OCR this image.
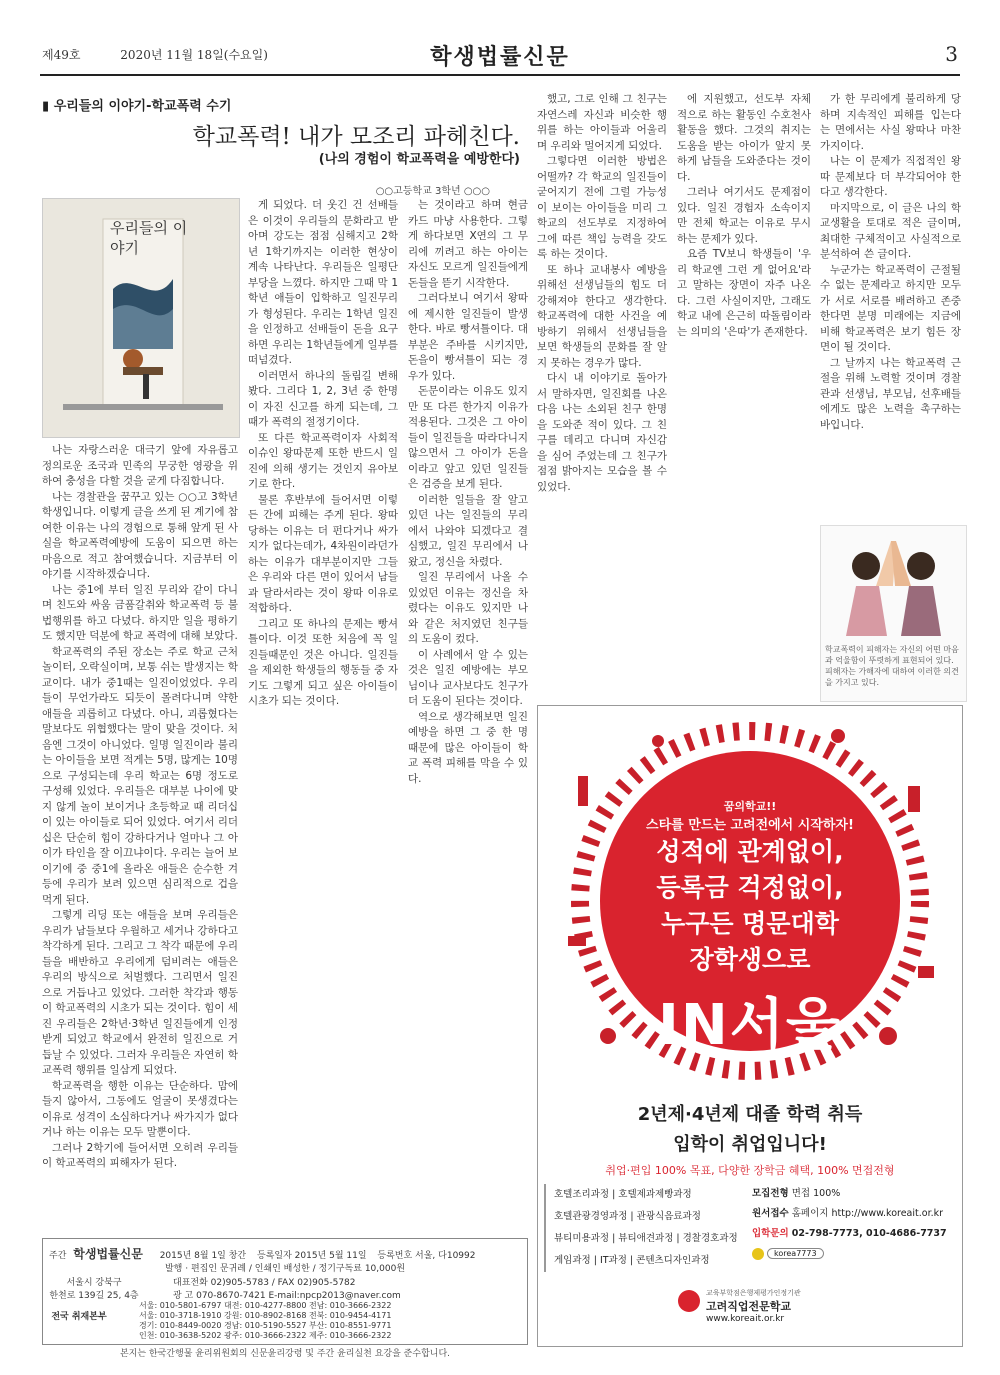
제49호	2020년 11월 18일(수요일)	학생법률신문	3
▮ 우리들의 이야기-학교폭력 수기
학교폭력! 내가 모조리 파헤친다.
(나의 경험이 학교폭력을 예방한다)
○○고등학교 3학년 ○○○
우리들의 이야기

나는 자랑스러운 대극기 앞에 자유롭고 정의로운 조국과 민족의 무궁한 영광을 위하여 충성을 다할 것을 굳게 다짐합니다.

나는 경찰관을 꿈꾸고 있는 ○○고 3학년 학생입니다. 이렇게 글을 쓰게 된 계기에 참여한 이유는 나의 경험으로 통해 앞게 된 사실을 학교폭력예방에 도움이 되으면 하는 마음으로 적고 참여했습니다. 지금부터 이야기를 시작하겠습니다.

나는 중1에 부터 일진 무리와 같이 다니며 친도와 싸움 금품갈취와 학교폭력 등 불법행위를 하고 다녔다. 하지만 일을 평하기도 했지만 덕분에 학교 폭력에 대해 보았다.

학교폭력의 주된 장소는 주로 학교 근처 놀이터, 오락실이며, 보통 쉬는 발생지는 학교이다. 내가 중1때는 일진이었었다. 우리들이 무언가라도 되듯이 몰려다니며 약한 애들을 괴롭히고 다녔다. 아니, 괴롭혔다는 말보다도 위협했다는 말이 맞을 것이다. 처음엔 그것이 아니었다. 일명 일진이라 불리는 아이들을 보면 적게는 5명, 많게는 10명으로 구성되는데 우리 학교는 6명 정도로 구성해 있었다. 우리들은 대부분 나이에 맞지 않게 놀이 보이거나 초등학교 때 리더십이 있는 아이들로 되어 있었다. 여기서 리더십은 단순히 힘이 강하다거나 얼마나 그 아이가 타인을 잘 이끄냐이다. 우리는 늘어 보이기에 중 중1에 올라온 애들은 순수한 겨등에 우리가 보려 있으면 심리적으로 겁을 먹게 된다.

그렇게 리딩 또는 애들을 보며 우리들은 우리가 남들보다 우월하고 세거나 강하다고 착각하게 된다. 그리고 그 착각 때문에 우리들을 배반하고 우리에게 덤비려는 애들은 우리의 방식으로 처벌했다. 그리면서 일진으로 거듭나고 있었다. 그러한 착각과 행동이 학교폭력의 시초가 되는 것이다. 힘이 세진 우리들은 2학년·3학년 일진들에게 인정받게 되었고 학교에서 완전히 일진으로 거듭날 수 있었다. 그러자 우리들은 자연히 학교폭력 행위를 일삼게 되었다.

학교폭력을 행한 이유는 단순하다. 맘에 들지 않아서, 그동에도 얼굴이 못생겼다는 이유로 성격이 소심하다거나 싸가지가 없다거나 하는 이유는 모두 말뿐이다.

그러나 2학기에 들어서면 오히려 우리들이 학교폭력의 피해자가 된다.

게 되었다. 더 웃긴 건 선배들은 이것이 우리들의 문화라고 받아며 강도는 점점 심해지고 2학년 1학기까지는 이러한 현상이 계속 나타난다. 우리들은 일평단 부당을 느꼈다. 하지만 그때 막 1학년 애들이 입학하고 일진무리가 형성된다. 우리는 1학년 일진을 인정하고 선배들이 돈을 요구하면 우리는 1학년들에게 일부를 떠넘겼다.

이러면서 하나의 돌림길 변해봤다. 그리다 1, 2, 3년 중 한명이 자진 신고를 하게 되는데, 그 때가 폭력의 절정기이다.

또 다른 학교폭력이자 사회적 이슈인 왕따문제 또한 반드시 일진에 의해 생기는 것인지 유아보기로 한다.

물론 후반부에 들어서면 이렇든 간에 피해는 주게 된다. 왕따 당하는 이유는 더 펀다거나 싸가지가 없다는데가, 4차원이라던가 하는 이유가 대부분이지만 그들은 우리와 다른 면이 있어서 남들과 달라서라는 것이 왕따 이유로 적합하다.

그리고 또 하나의 문제는 빵셔틀이다. 이것 또한 처음에 꼭 일진들때문인 것은 아니다. 일진들을 제외한 학생들의 행동들 중 자기도 그렇게 되고 싶은 아이들이 시초가 되는 것이다.

는 것이라고 하며 현금카드 마냥 사용한다. 그렇게 하다보면 X연의 그 무리에 끼려고 하는 아이는 자신도 모르게 일진들에게 돈들을 뜯기 시작한다.

그러다보니 여기서 왕따에 제시한 일진들이 발생한다. 바로 빵셔틀이다. 대부분은 주바를 시키지만, 돈을이 빵셔틀이 되는 경우가 있다.

돈문이라는 이유도 있지만 또 다른 한가지 이유가 적용된다. 그것은 그 아이들이 일진들을 따라다니지 않으면서 그 아이가 돈을이라고 앞고 있던 일진들은 검증을 보게 된다.

이러한 일들을 잘 알고 있던 나는 일진들의 무리에서 나와야 되겠다고 결심했고, 일진 무리에서 나왔고, 정신을 차렸다.

일진 무리에서 나올 수 있었던 이유는 정신을 차렸다는 이유도 있지만 나와 같은 처지였던 친구들의 도움이 컸다.

이 사례에서 알 수 있는 것은 일진 예방에는 부모님이나 교사보다도 친구가 더 도움이 된다는 것이다.

역으로 생각해보면 일진 예방을 하면 그 중 한 명 때문에 많은 아이들이 학교 폭력 피해를 막을 수 있다.

했고, 그로 인해 그 친구는 자연스레 자신과 비슷한 행위를 하는 아이들과 어울리며 우리와 멀어지게 되었다.

그렇다면 이러한 방법은 어떨까? 각 학교의 일진들이 굳어지기 전에 그럴 가능성이 보이는 아이들을 미리 그 학교의 선도부로 지정하여 그에 따른 책임 능력을 갖도록 하는 것이다.

또 하나 교내봉사 예방을 위해선 선생님들의 힘도 더 강해져야 한다고 생각한다. 학교폭력에 대한 사건을 예방하기 위해서 선생님들을 보면 학생들의 문화를 잘 알지 못하는 경우가 많다.

다시 내 이야기로 돌아가서 말하자면, 일진회를 나온 다음 나는 소외된 친구 한명을 도와준 적이 있다. 그 친구를 데리고 다니며 자신감을 심어 주었는데 그 친구가 점점 밝아지는 모습을 볼 수 있었다.

에 지원했고, 선도부 자체적으로 하는 활동인 수호천사 활동을 했다. 그것의 취지는 도움을 받는 아이가 앞지 못하게 남들을 도와준다는 것이다.

그러나 여기서도 문제점이 있다. 일진 경험자 소속이지만 전체 학교는 이유로 무시하는 문제가 있다.

요즘 TV보니 학생들이 '우리 학교엔 그런 게 없어요'라고 말하는 장면이 자주 나온다. 그런 사실이지만, 그래도 학교 내에 은근히 따돌림이라는 의미의 '은따'가 존재한다.

가 한 무리에게 불리하게 당하며 지속적인 피해를 입는다는 면에서는 사실 왕따나 마찬가지이다.

나는 이 문제가 직접적인 왕따 문제보다 더 부각되어야 한다고 생각한다.

마지막으로, 이 글은 나의 학교생활을 토대로 적은 글이며, 최대한 구체적이고 사실적으로 분석하여 쓴 글이다.

누군가는 학교폭력이 근절될 수 없는 문제라고 하지만 모두가 서로 서로를 배려하고 존중한다면 분명 미래에는 지금에 비해 학교폭력은 보기 힘든 장면이 될 것이다.

그 날까지 나는 학교폭력 근절을 위해 노력할 것이며 경찰관과 선생님, 부모님, 선후배들에게도 많은 노력을 촉구하는 바입니다.

학교폭력이 피해자는 자신의 어떤 마음과 억울함이 뚜렷하게 표현되어 있다. 피해자는 가해자에 대하여 이러한 의견을 가지고 있다.
꿈의학교!!
스타를 만드는 고려전에서 시작하자!
성적에 관계없이,
등록금 걱정없이,
누구든 명문대학
장학생으로
IN서울
2년제·4년제 대졸 학력 취득
입학이 취업입니다!
취업·편입 100% 목표, 다양한 장학금 혜택, 100% 면접전형
호텔조리과정 | 호텔제과제빵과정
호텔관광경영과정 | 관광식음료과정
뷰티미용과정 | 뷰티애견과정 | 경찰경호과정
게임과정 | IT과정 | 콘텐츠디자인과정
모집전형 면접 100%
원서접수 홈페이지 http://www.koreait.or.kr
입학문의 02-798-7773, 010-4686-7737
korea7773
교육부학점은행제평가인정기관
고려직업전문학교
www.koreait.or.kr
주간 학생법률신문 2015년 8월 1일 창간 등록일자 2015년 5월 11일 등록번호 서울, 다10992
발행 · 편집인 문귀례 / 인쇄인 배성한 / 정기구독료 10,000원
서울시 강북구
한천로 139길 25, 4층
대표전화 02)905-5783 / FAX 02)905-5782
광 고 070-8670-7421 E-mail:npcp2013@naver.com
전국 취재본부
서울: 010-5801-6797 대전: 010-4277-8800 전남: 010-3666-2322
서울: 010-3718-1910 강원: 010-8902-8168 전북: 010-9454-4171
경기: 010-8449-0020 경남: 010-5190-5527 부산: 010-8551-9771
인천: 010-3638-5202 광주: 010-3666-2322 제주: 010-3666-2322
본지는 한국간행물 윤리위원회의 신문윤리강령 및 주간 윤리실천 요강을 준수합니다.
